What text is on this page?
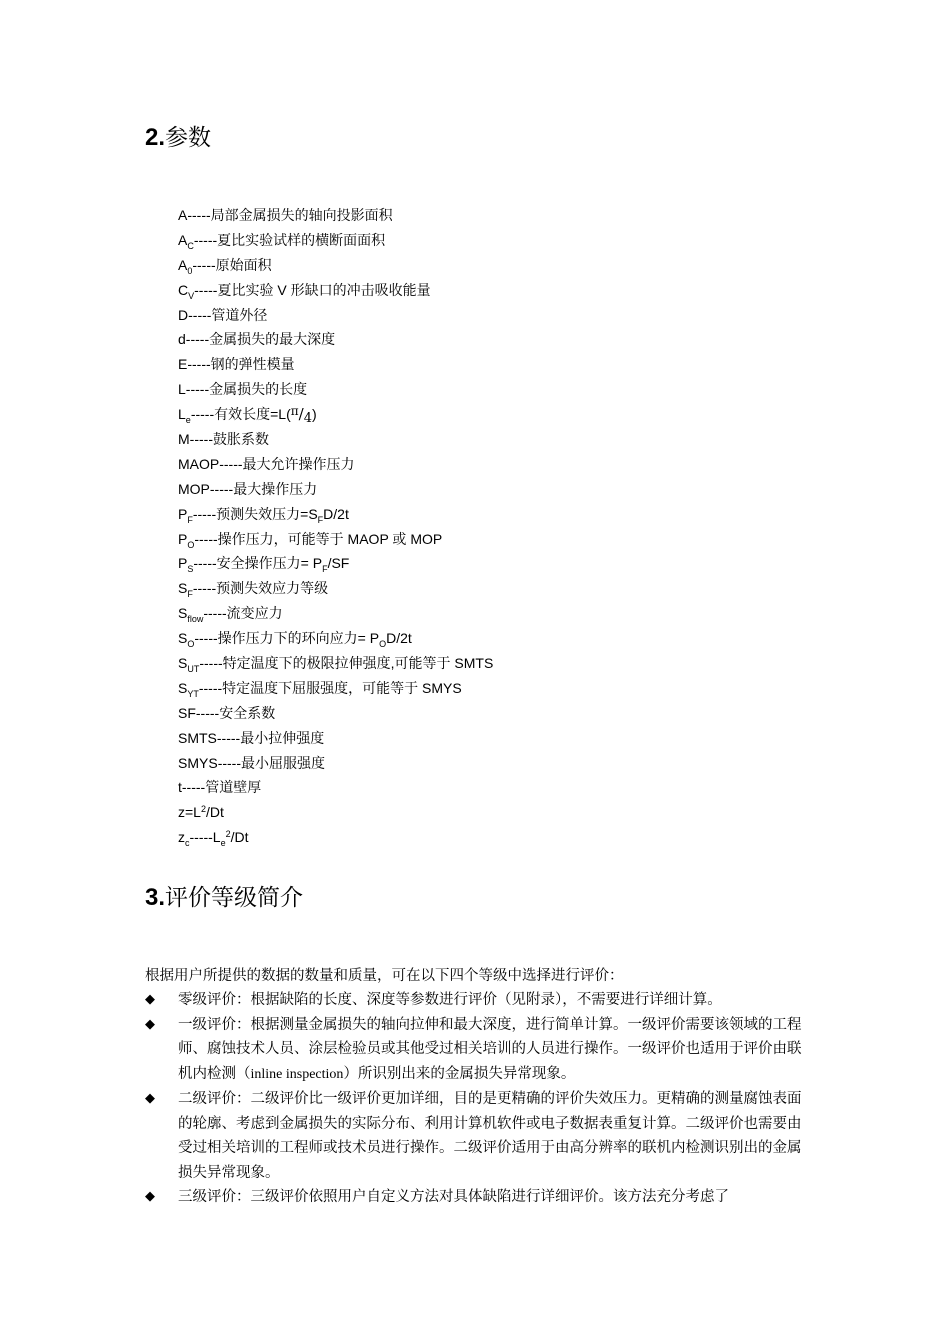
2.参数
A-----局部金属损失的轴向投影面积
$A_C-----$夏比实验试样的横断面面积
$A_0-----$原始面积
$C_V-----$夏比实验 V 形缺口的冲击吸收能量
D-----管道外径
d-----金属损失的最大深度
E-----钢的弹性模量
L-----金属损失的长度
$L_e-----$有效长度$=L(^\pi/_4)$
M-----鼓胀系数
MAOP-----最大允许操作压力
MOP-----最大操作压力
$P_F-----$预测失效压力$=S_FD/2t$
$P_O-----$操作压力，可能等于 MAOP 或 MOP
$P_S-----$安全操作压力= $P_F/SF$
$S_F-----$预测失效应力等级
$S_{flow}-----$流变应力
$S_O-----$操作压力下的环向应力= $P_OD/2t$
$S_{UT}-----$特定温度下的极限拉伸强度,可能等于 SMTS
$S_{YT}-----$特定温度下屈服强度，可能等于 SMYS
SF-----安全系数
SMTS-----最小拉伸强度
SMYS-----最小屈服强度
t-----管道壁厚
$z=L^2/Dt$
$z_c-----L_e^2/Dt$
3.评价等级简介

根据用户所提供的数据的数量和质量，可在以下四个等级中选择进行评价：

◆ 零级评价：根据缺陷的长度、深度等参数进行评价（见附录），不需要进行详细计算。
◆ 一级评价：根据测量金属损失的轴向拉伸和最大深度，进行简单计算。一级评价需要该领域的工程师、腐蚀技术人员、涂层检验员或其他受过相关培训的人员进行操作。一级评价也适用于评价由联机内检测（inline inspection）所识别出来的金属损失异常现象。
◆ 二级评价：二级评价比一级评价更加详细，目的是更精确的评价失效压力。更精确的测量腐蚀表面的轮廓、考虑到金属损失的实际分布、利用计算机软件或电子数据表重复计算。二级评价也需要由受过相关培训的工程师或技术员进行操作。二级评价适用于由高分辨率的联机内检测识别出的金属损失异常现象。
◆ 三级评价：三级评价依照用户自定义方法对具体缺陷进行详细评价。该方法充分考虑了
